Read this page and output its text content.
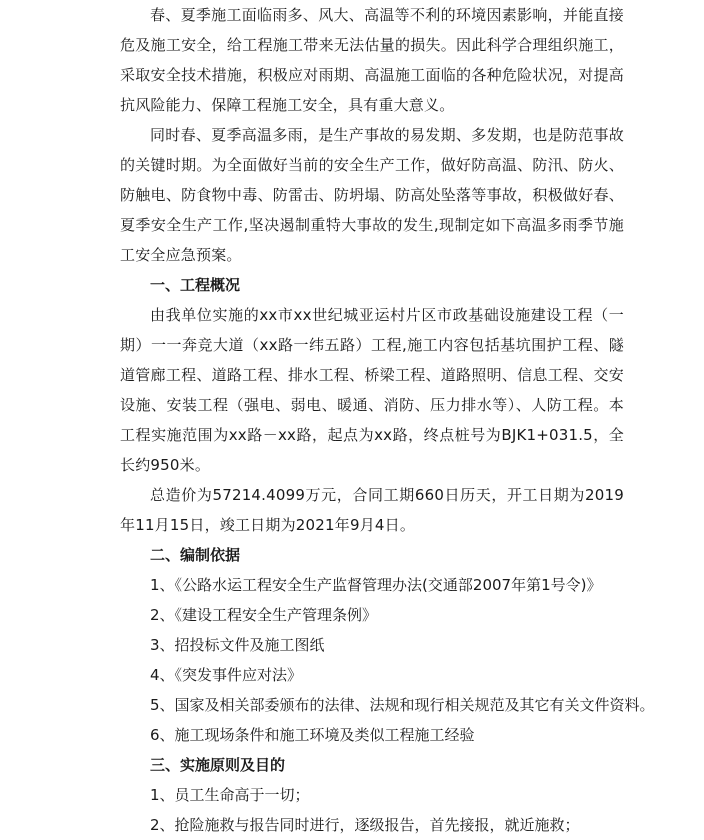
春、夏季施工面临雨多、风大、高温等不利的环境因素影响，并能直接危及施工安全，给工程施工带来无法估量的损失。因此科学合理组织施工，采取安全技术措施，积极应对雨期、高温施工面临的各种危险状况，对提高抗风险能力、保障工程施工安全，具有重大意义。

同时春、夏季高温多雨，是生产事故的易发期、多发期，也是防范事故的关键时期。为全面做好当前的安全生产工作，做好防高温、防汛、防火、防触电、防食物中毒、防雷击、防坍塌、防高处坠落等事故，积极做好春、夏季安全生产工作,坚决遏制重特大事故的发生,现制定如下高温多雨季节施工安全应急预案。

一、工程概况

由我单位实施的xx市xx世纪城亚运村片区市政基础设施建设工程（一期）一一奔竞大道（xx路一纬五路）工程,施工内容包括基坑围护工程、隧道管廊工程、道路工程、排水工程、桥梁工程、道路照明、信息工程、交安设施、安装工程（强电、弱电、暖通、消防、压力排水等）、人防工程。本工程实施范围为xx路－xx路，起点为xx路，终点桩号为BJK1+031.5，全长约950米。

总造价为57214.4099万元，合同工期660日历天，开工日期为2019年11月15日，竣工日期为2021年9月4日。

二、编制依据

1、《公路水运工程安全生产监督管理办法(交通部2007年第1号令)》

2、《建设工程安全生产管理条例》

3、招投标文件及施工图纸

4、《突发事件应对法》

5、国家及相关部委颁布的法律、法规和现行相关规范及其它有关文件资料。

6、施工现场条件和施工环境及类似工程施工经验

三、实施原则及目的

1、员工生命高于一切；

2、抢险施救与报告同时进行，逐级报告，首先接报，就近施救；
